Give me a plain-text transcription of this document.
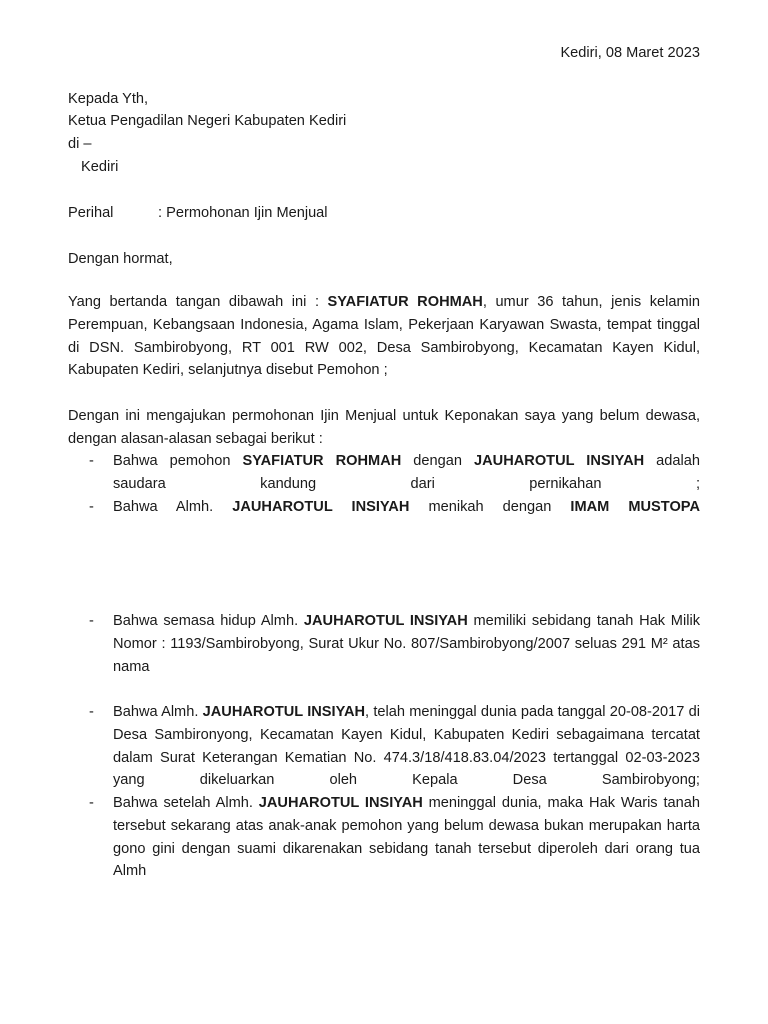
Kediri, 08 Maret 2023
Kepada Yth,
Ketua Pengadilan Negeri Kabupaten Kediri
di –
Kediri
Perihal	: Permohonan Ijin Menjual
Dengan hormat,

Yang bertanda tangan dibawah ini : SYAFIATUR ROHMAH, umur 36 tahun, jenis kelamin Perempuan, Kebangsaan Indonesia, Agama Islam, Pekerjaan Karyawan Swasta, tempat tinggal di DSN. Sambirobyong, RT 001 RW 002, Desa Sambirobyong, Kecamatan Kayen Kidul, Kabupaten Kediri, selanjutnya disebut Pemohon ;

Dengan ini mengajukan permohonan Ijin Menjual untuk Keponakan saya yang belum dewasa, dengan alasan-alasan sebagai berikut :

- Bahwa pemohon SYAFIATUR ROHMAH dengan JAUHAROTUL INSIYAH adalah saudara kandung dari pernikahan ;
- Bahwa Almh. JAUHAROTUL INSIYAH menikah dengan IMAM MUSTOPA
- Bahwa semasa hidup Almh. JAUHAROTUL INSIYAH memiliki sebidang tanah Hak Milik Nomor : 1193/Sambirobyong, Surat Ukur No. 807/Sambirobyong/2007 seluas 291 M² atas nama
- Bahwa Almh. JAUHAROTUL INSIYAH, telah meninggal dunia pada tanggal 20-08-2017 di Desa Sambironyong, Kecamatan Kayen Kidul, Kabupaten Kediri sebagaimana tercatat dalam Surat Keterangan Kematian No. 474.3/18/418.83.04/2023 tertanggal 02-03-2023 yang dikeluarkan oleh Kepala Desa Sambirobyong;
- Bahwa setelah Almh. JAUHAROTUL INSIYAH meninggal dunia, maka Hak Waris tanah tersebut sekarang atas anak-anak pemohon yang belum dewasa bukan merupakan harta gono gini dengan suami dikarenakan sebidang tanah tersebut diperoleh dari orang tua Almh
